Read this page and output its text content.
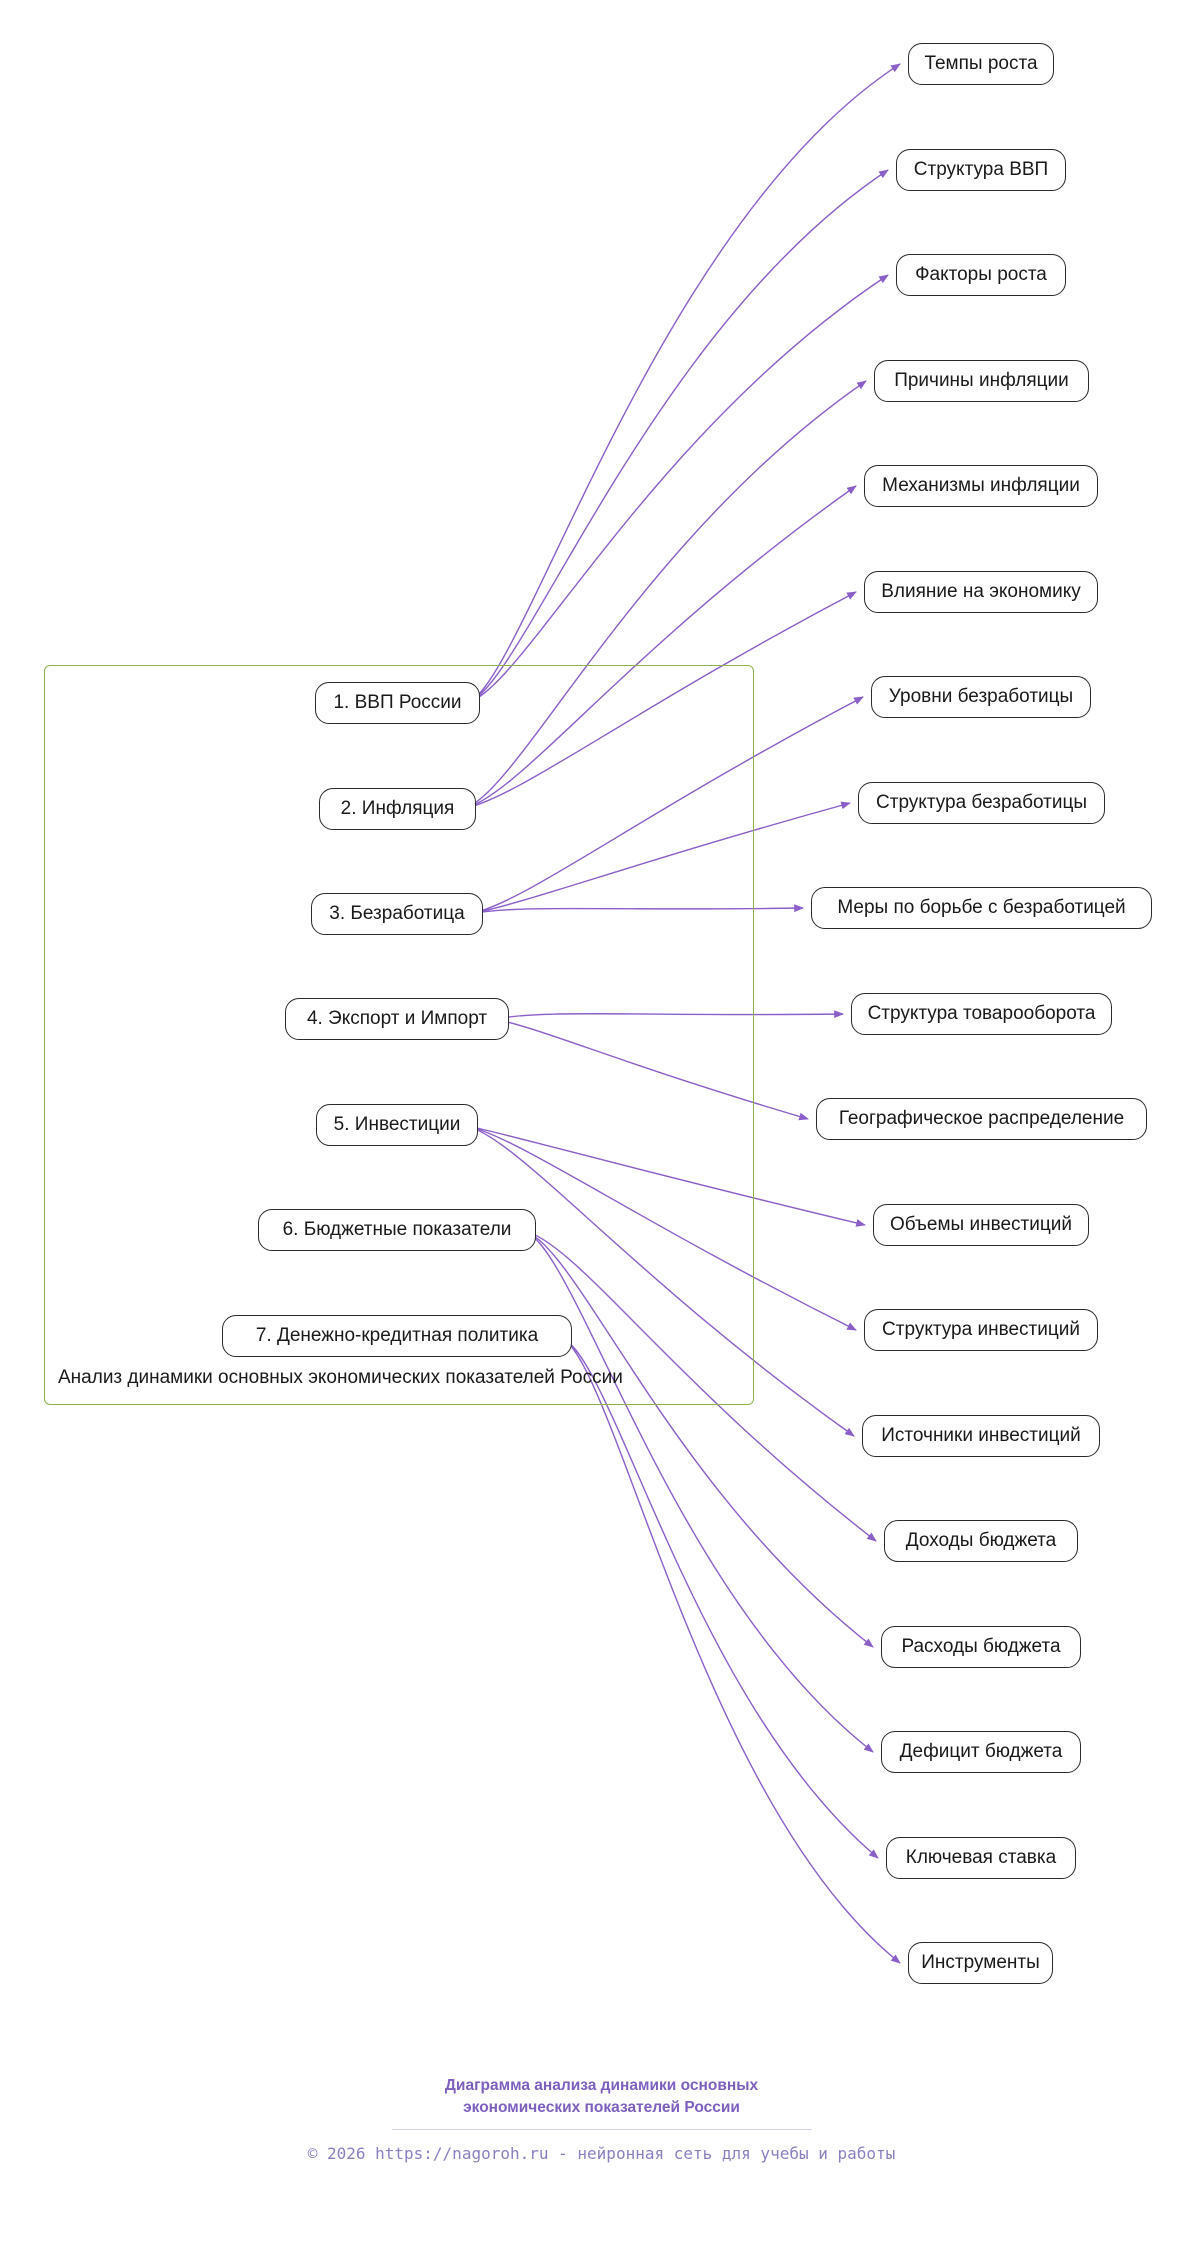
Анализ динамики основных экономических показателей России
1. ВВП России
2. Инфляция
3. Безработица
4. Экспорт и Импорт
5. Инвестиции
6. Бюджетные показатели
7. Денежно-кредитная политика
Темпы роста
Структура ВВП
Факторы роста
Причины инфляции
Механизмы инфляции
Влияние на экономику
Уровни безработицы
Структура безработицы
Меры по борьбе с безработицей
Структура товарооборота
Географическое распределение
Объемы инвестиций
Структура инвестиций
Источники инвестиций
Доходы бюджета
Расходы бюджета
Дефицит бюджета
Ключевая ставка
Инструменты
Диаграмма анализа динамики основных
экономических показателей России
© 2026 https://nagoroh.ru - нейронная сеть для учебы и работы
